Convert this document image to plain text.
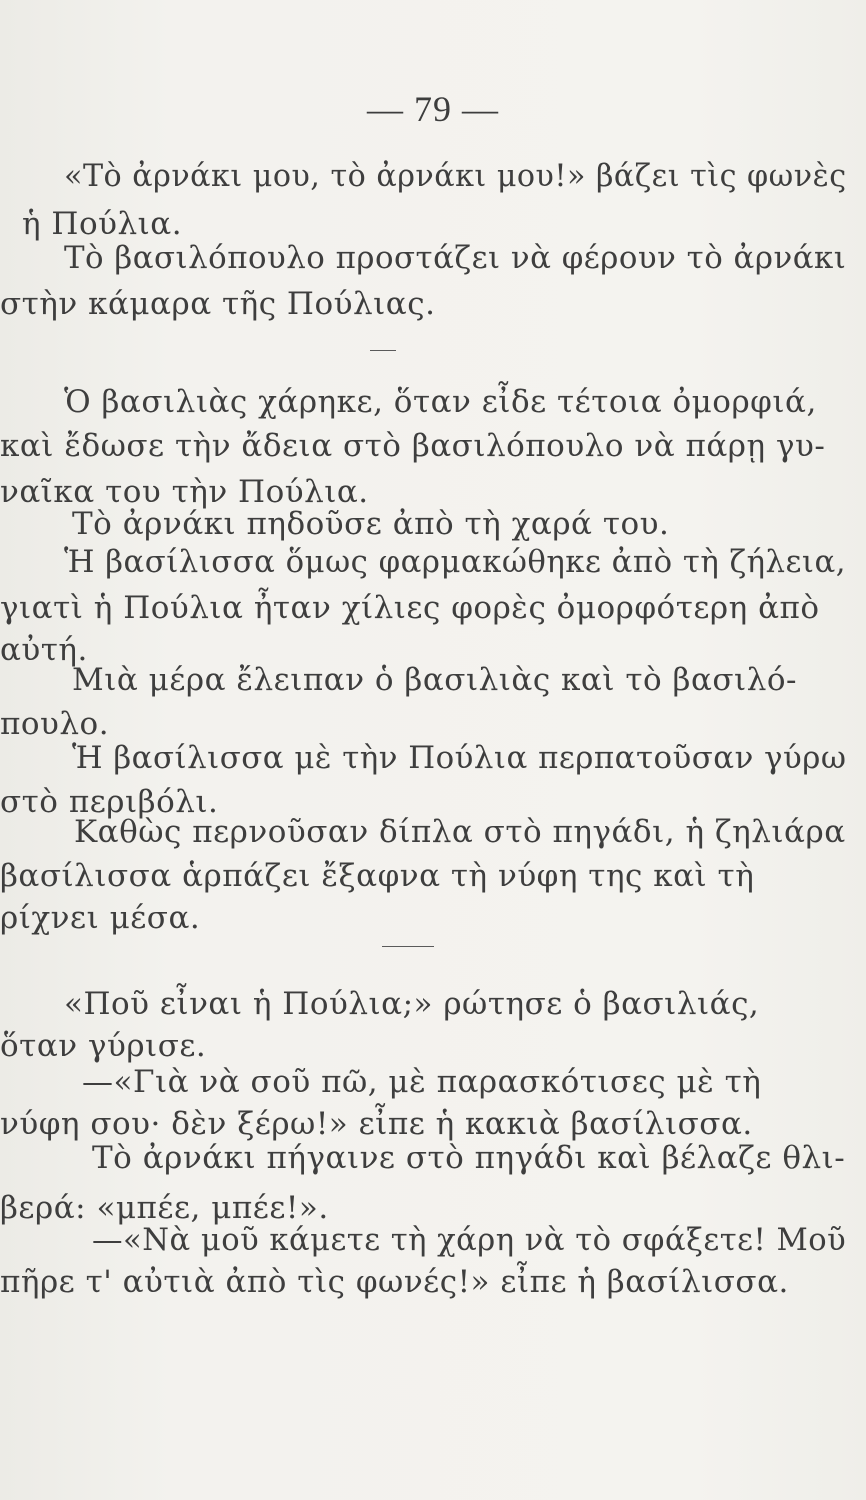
— 79 —
«Τὸ ἀρνάκι μου, τὸ ἀρνάκι μου!» βάζει τὶς φωνὲς
ἡ Πούλια.
Τὸ βασιλόπουλο προστάζει νὰ φέρουν τὸ ἀρνάκι
στὴν κάμαρα τῆς Πούλιας.
Ὁ βασιλιὰς χάρηκε, ὅταν εἶδε τέτοια ὀμορφιά,
καὶ ἔδωσε τὴν ἄδεια στὸ βασιλόπουλο νὰ πάρῃ γυ-
ναῖκα του τὴν Πούλια.
Τὸ ἀρνάκι πηδοῦσε ἀπὸ τὴ χαρά του.
Ἡ βασίλισσα ὅμως φαρμακώθηκε ἀπὸ τὴ ζήλεια,
γιατὶ ἡ Πούλια ἦταν χίλιες φορὲς ὀμορφότερη ἀπὸ
αὐτή.
Μιὰ μέρα ἔλειπαν ὁ βασιλιὰς καὶ τὸ βασιλό-
πουλο.
Ἡ βασίλισσα μὲ τὴν Πούλια περπατοῦσαν γύρω
στὸ περιβόλι.
Καθὼς περνοῦσαν δίπλα στὸ πηγάδι, ἡ ζηλιάρα
βασίλισσα ἁρπάζει ἔξαφνα τὴ νύφη της καὶ τὴ
ρίχνει μέσα.
«Ποῦ εἶναι ἡ Πούλια;» ρώτησε ὁ βασιλιάς,
ὅταν γύρισε.
—«Γιὰ νὰ σοῦ πῶ, μὲ παρασκότισες μὲ τὴ
νύφη σου· δὲν ξέρω!» εἶπε ἡ κακιὰ βασίλισσα.
Τὸ ἀρνάκι πήγαινε στὸ πηγάδι καὶ βέλαζε θλι-
βερά: «μπέε, μπέε!».
—«Νὰ μοῦ κάμετε τὴ χάρη νὰ τὸ σφάξετε! Μοῦ
πῆρε τ' αὐτιὰ ἀπὸ τὶς φωνές!» εἶπε ἡ βασίλισσα.
